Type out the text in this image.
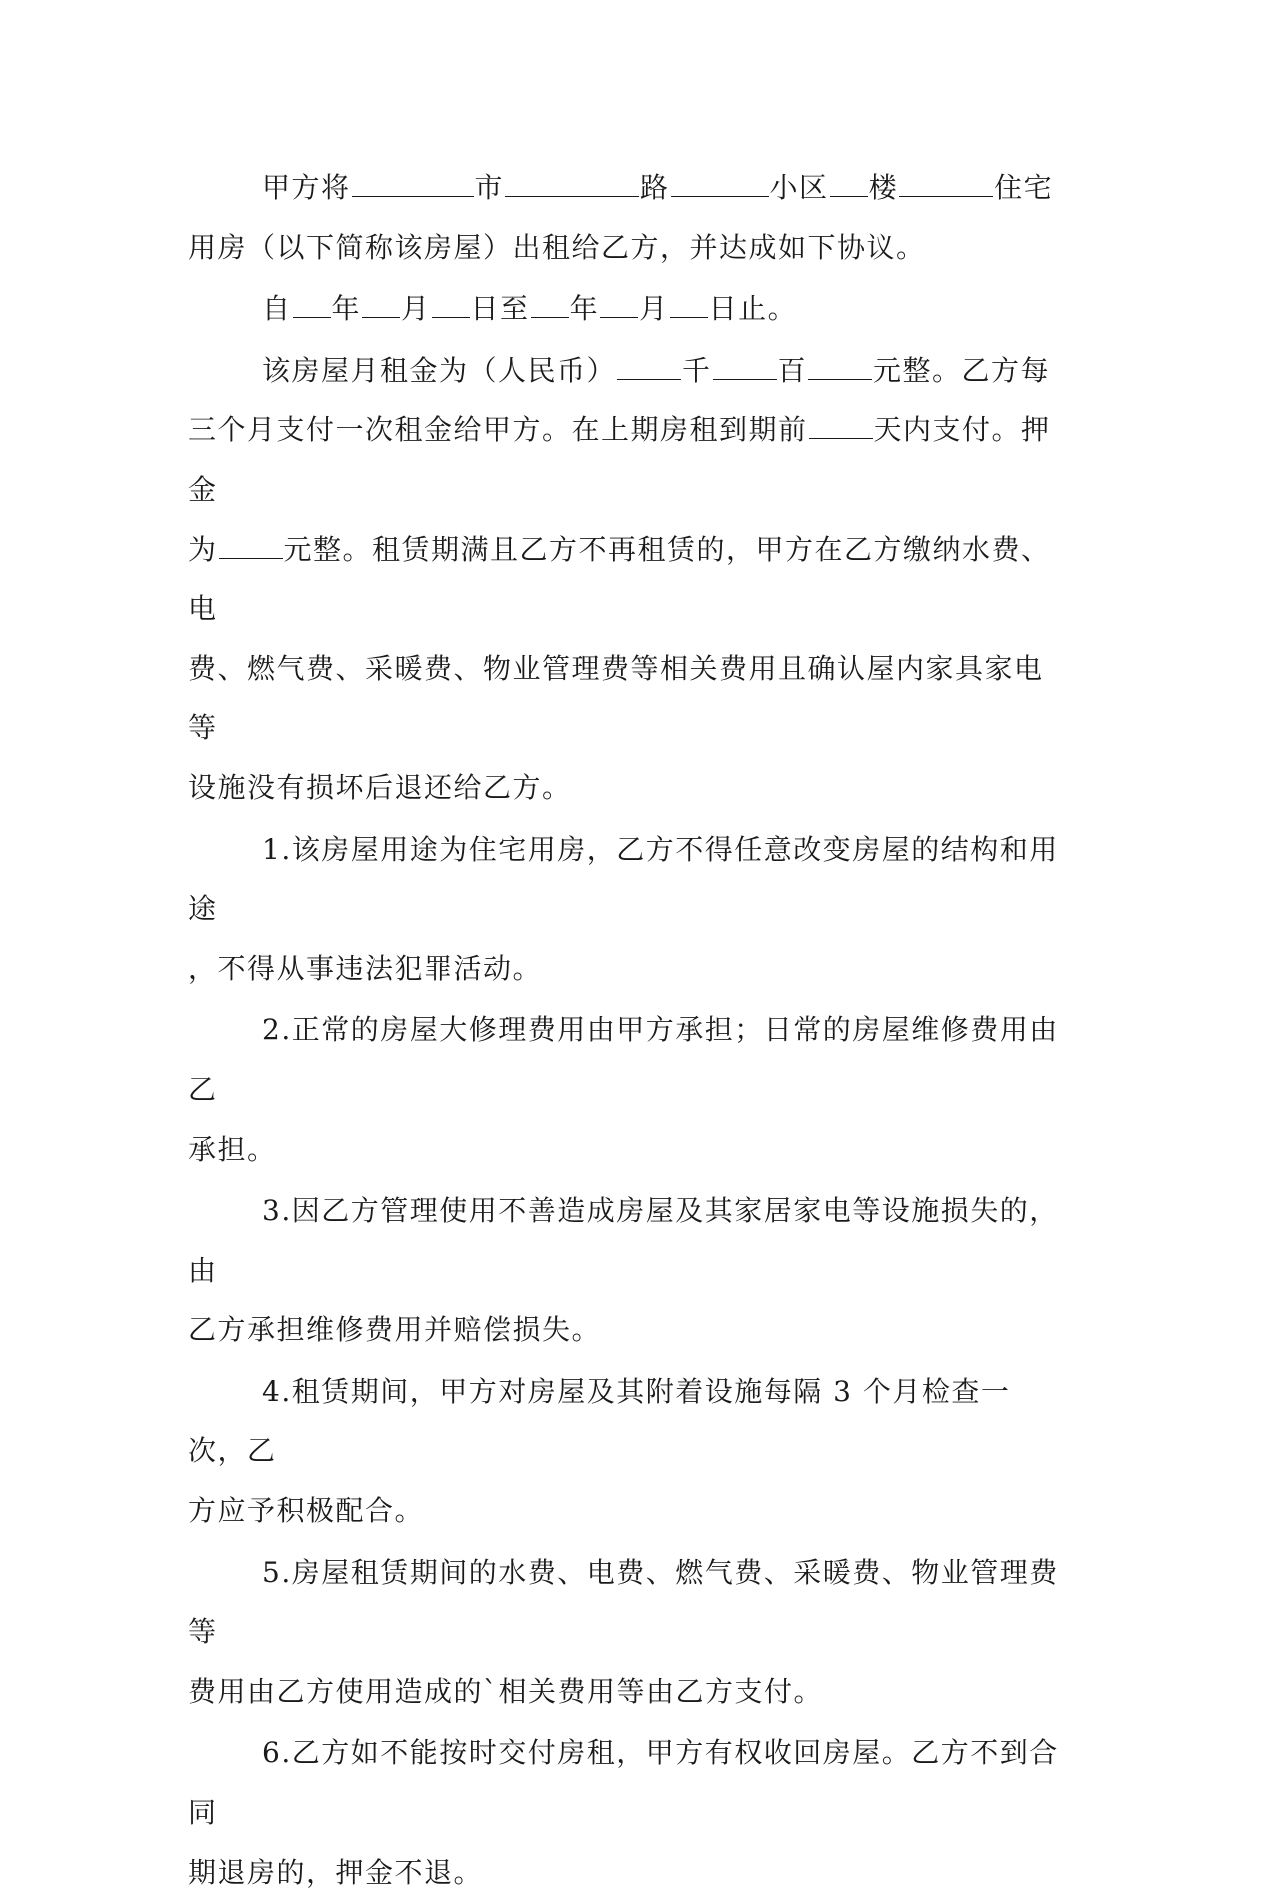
甲方将	市	路	小区 楼	住宅
用房（以下简称该房屋）出租给乙方，并达成如下协议。
自 年 月 日至 年 月 日止。
该房屋月租金为（人民币） 千 百 元整。乙方每
三个月支付一次租金给甲方。在上期房租到期前 天内支付。押金
为 元整。租赁期满且乙方不再租赁的，甲方在乙方缴纳水费、电
费、燃气费、采暖费、物业管理费等相关费用且确认屋内家具家电等
设施没有损坏后退还给乙方。
1.该房屋用途为住宅用房，乙方不得任意改变房屋的结构和用途
，不得从事违法犯罪活动。
2.正常的房屋大修理费用由甲方承担；日常的房屋维修费用由乙
承担。
3.因乙方管理使用不善造成房屋及其家居家电等设施损失的，由
乙方承担维修费用并赔偿损失。
4.租赁期间，甲方对房屋及其附着设施每隔 3 个月检查一次，乙
方应予积极配合。
5.房屋租赁期间的水费、电费、燃气费、采暖费、物业管理费等
费用由乙方使用造成的`相关费用等由乙方支付。
6.乙方如不能按时交付房租，甲方有权收回房屋。乙方不到合同
期退房的，押金不退。
